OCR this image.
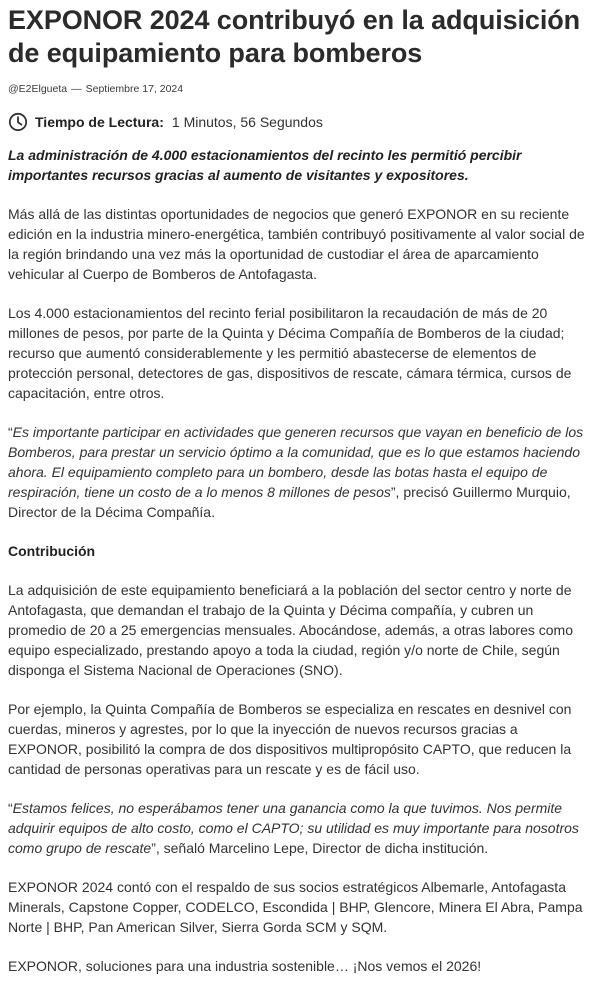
EXPONOR 2024 contribuyó en la adquisición de equipamiento para bomberos
@E2Elgueta — Septiembre 17, 2024
Tiempo de Lectura: 1 Minutos, 56 Segundos

La administración de 4.000 estacionamientos del recinto les permitió percibir importantes recursos gracias al aumento de visitantes y expositores.

Más allá de las distintas oportunidades de negocios que generó EXPONOR en su reciente edición en la industria minero-energética, también contribuyó positivamente al valor social de la región brindando una vez más la oportunidad de custodiar el área de aparcamiento vehicular al Cuerpo de Bomberos de Antofagasta.

Los 4.000 estacionamientos del recinto ferial posibilitaron la recaudación de más de 20 millones de pesos, por parte de la Quinta y Décima Compañía de Bomberos de la ciudad; recurso que aumentó considerablemente y les permitió abastecerse de elementos de protección personal, detectores de gas, dispositivos de rescate, cámara térmica, cursos de capacitación, entre otros.

“Es importante participar en actividades que generen recursos que vayan en beneficio de los Bomberos, para prestar un servicio óptimo a la comunidad, que es lo que estamos haciendo ahora. El equipamiento completo para un bombero, desde las botas hasta el equipo de respiración, tiene un costo de a lo menos 8 millones de pesos”, precisó Guillermo Murquio, Director de la Décima Compañía.

Contribución

La adquisición de este equipamiento beneficiará a la población del sector centro y norte de Antofagasta, que demandan el trabajo de la Quinta y Décima compañía, y cubren un promedio de 20 a 25 emergencias mensuales. Abocándose, además, a otras labores como equipo especializado, prestando apoyo a toda la ciudad, región y/o norte de Chile, según disponga el Sistema Nacional de Operaciones (SNO).

Por ejemplo, la Quinta Compañía de Bomberos se especializa en rescates en desnivel con cuerdas, mineros y agrestes, por lo que la inyección de nuevos recursos gracias a EXPONOR, posibilitó la compra de dos dispositivos multipropósito CAPTO, que reducen la cantidad de personas operativas para un rescate y es de fácil uso.

“Estamos felices, no esperábamos tener una ganancia como la que tuvimos. Nos permite adquirir equipos de alto costo, como el CAPTO; su utilidad es muy importante para nosotros como grupo de rescate”, señaló Marcelino Lepe, Director de dicha institución.

EXPONOR 2024 contó con el respaldo de sus socios estratégicos Albemarle, Antofagasta Minerals, Capstone Copper, CODELCO, Escondida | BHP, Glencore, Minera El Abra, Pampa Norte | BHP, Pan American Silver, Sierra Gorda SCM y SQM.

EXPONOR, soluciones para una industria sostenible… ¡Nos vemos el 2026!
